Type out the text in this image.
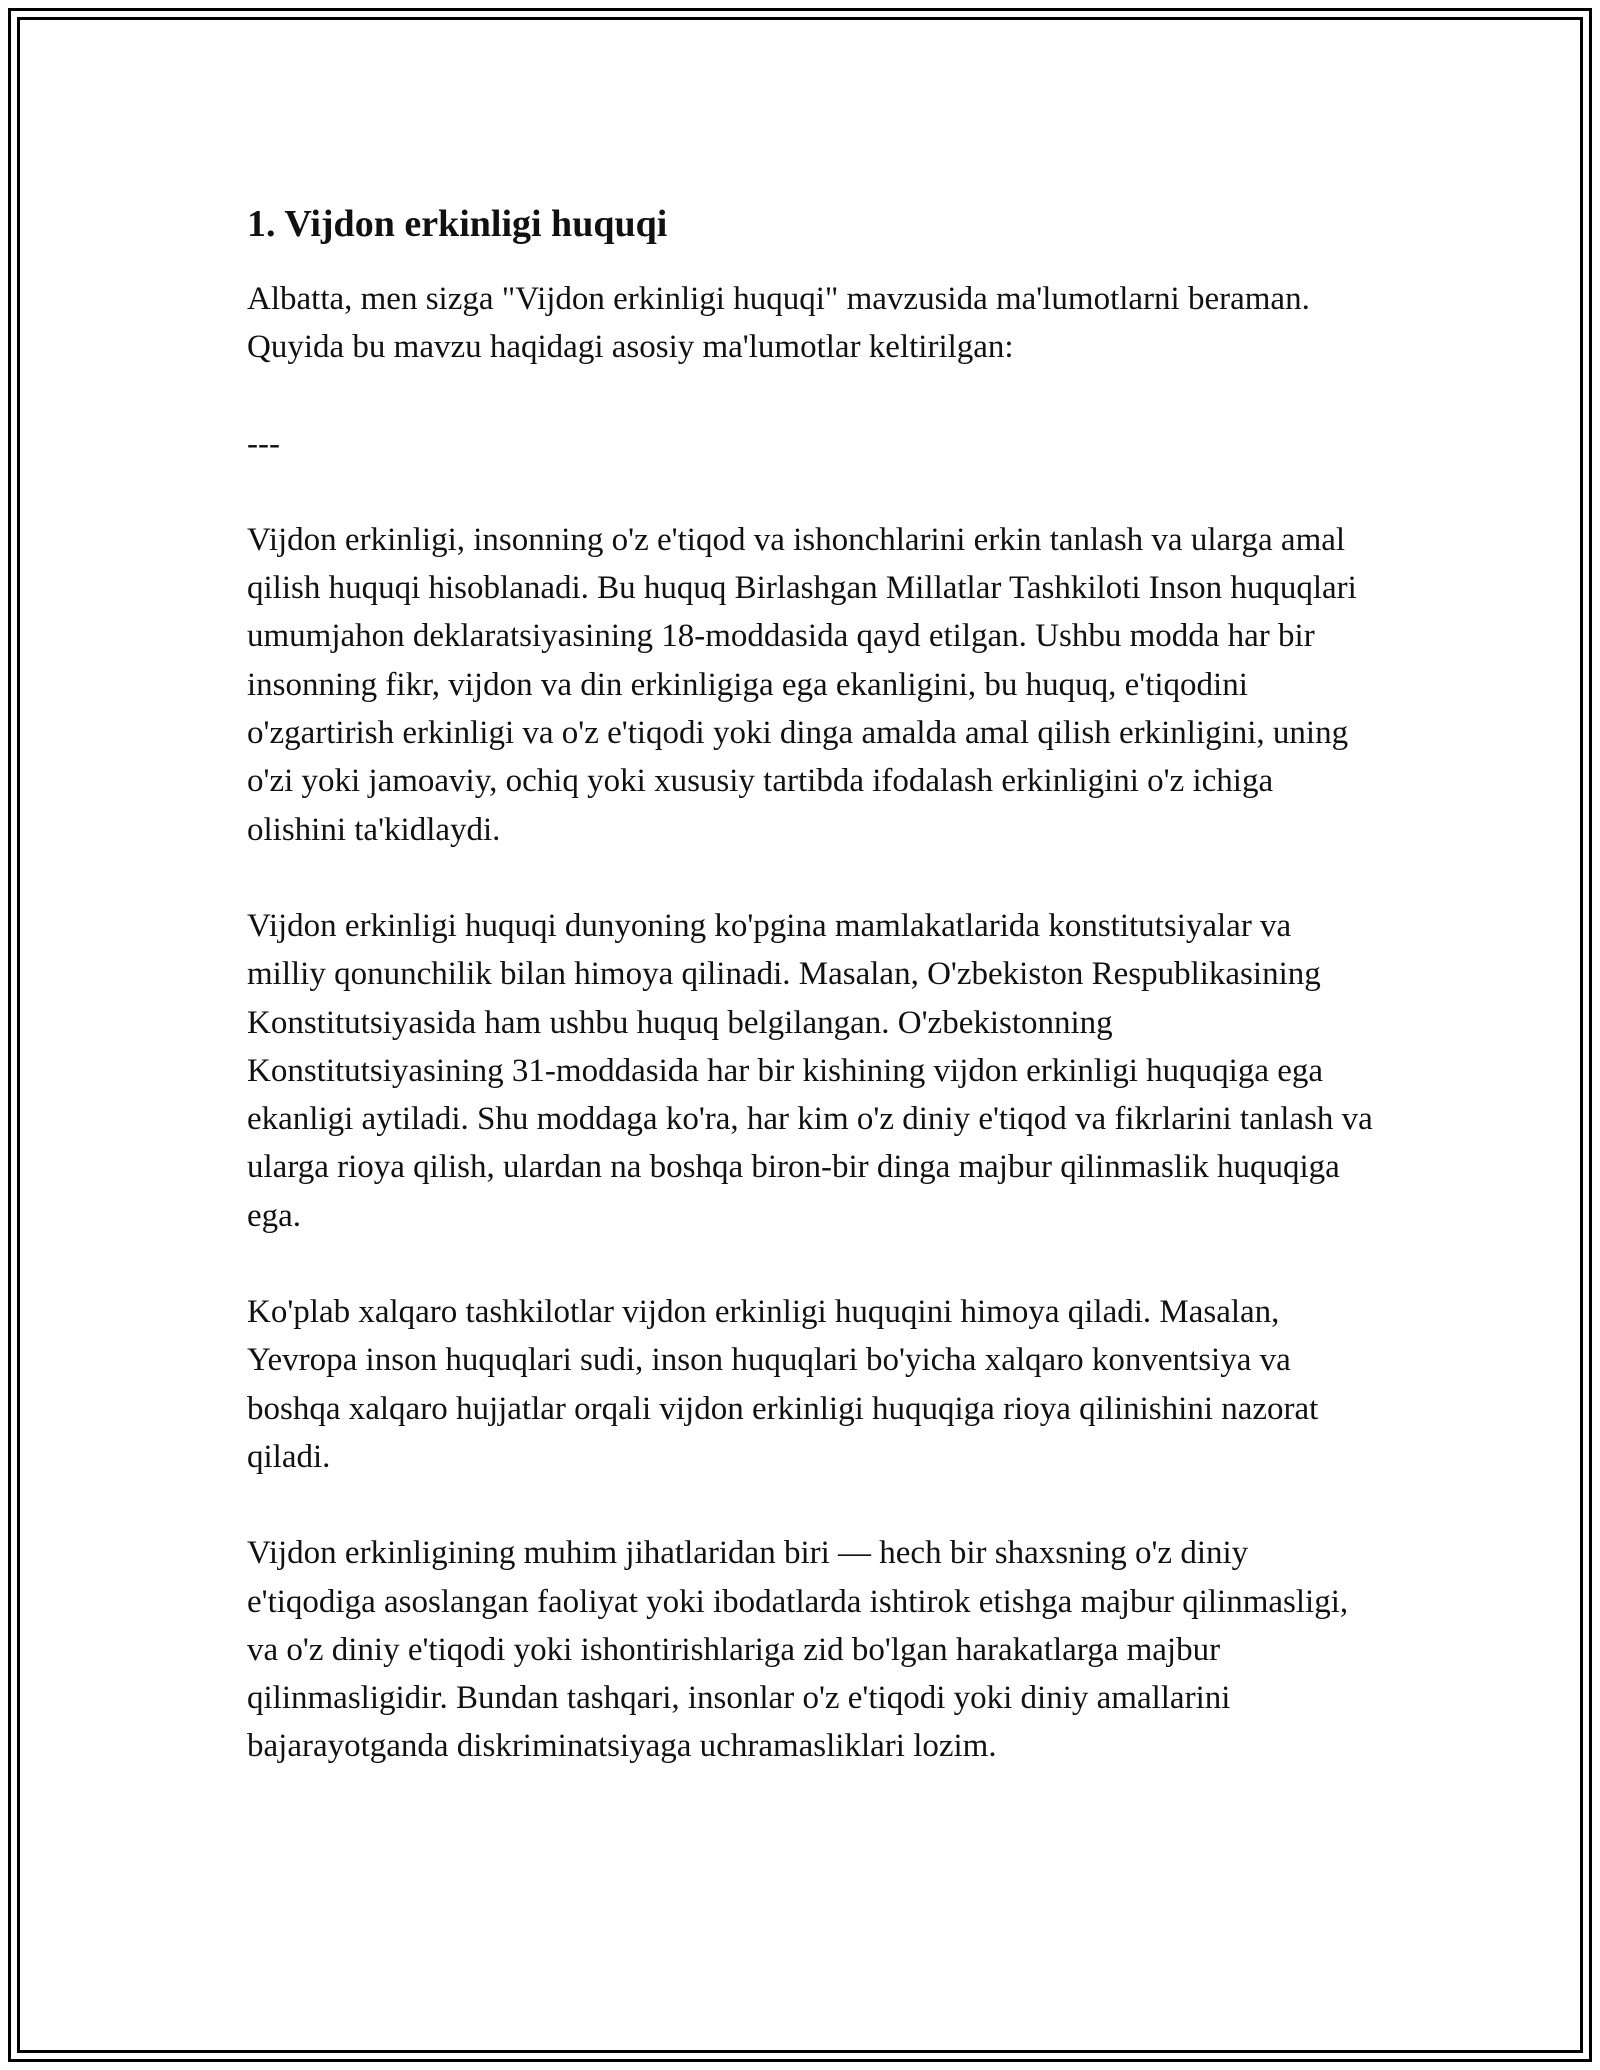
1. Vijdon erkinligi huquqi

Albatta, men sizga "Vijdon erkinligi huquqi" mavzusida ma'lumotlarni beraman. Quyida bu mavzu haqidagi asosiy ma'lumotlar keltirilgan:

---

Vijdon erkinligi, insonning o'z e'tiqod va ishonchlarini erkin tanlash va ularga amal qilish huquqi hisoblanadi. Bu huquq Birlashgan Millatlar Tashkiloti Inson huquqlari umumjahon deklaratsiyasining 18-moddasida qayd etilgan. Ushbu modda har bir insonning fikr, vijdon va din erkinligiga ega ekanligini, bu huquq, e'tiqodini o'zgartirish erkinligi va o'z e'tiqodi yoki dinga amalda amal qilish erkinligini, uning o'zi yoki jamoaviy, ochiq yoki xususiy tartibda ifodalash erkinligini o'z ichiga olishini ta'kidlaydi.

Vijdon erkinligi huquqi dunyoning ko'pgina mamlakatlarida konstitutsiyalar va milliy qonunchilik bilan himoya qilinadi. Masalan, O'zbekiston Respublikasining Konstitutsiyasida ham ushbu huquq belgilangan. O'zbekistonning Konstitutsiyasining 31-moddasida har bir kishining vijdon erkinligi huquqiga ega ekanligi aytiladi. Shu moddaga ko'ra, har kim o'z diniy e'tiqod va fikrlarini tanlash va ularga rioya qilish, ulardan na boshqa biron-bir dinga majbur qilinmaslik huquqiga ega.

Ko'plab xalqaro tashkilotlar vijdon erkinligi huquqini himoya qiladi. Masalan, Yevropa inson huquqlari sudi, inson huquqlari bo'yicha xalqaro konventsiya va boshqa xalqaro hujjatlar orqali vijdon erkinligi huquqiga rioya qilinishini nazorat qiladi.

Vijdon erkinligining muhim jihatlaridan biri — hech bir shaxsning o'z diniy e'tiqodiga asoslangan faoliyat yoki ibodatlarda ishtirok etishga majbur qilinmasligi, va o'z diniy e'tiqodi yoki ishontirishlariga zid bo'lgan harakatlarga majbur qilinmasligidir. Bundan tashqari, insonlar o'z e'tiqodi yoki diniy amallarini bajarayotganda diskriminatsiyaga uchramasliklari lozim.
